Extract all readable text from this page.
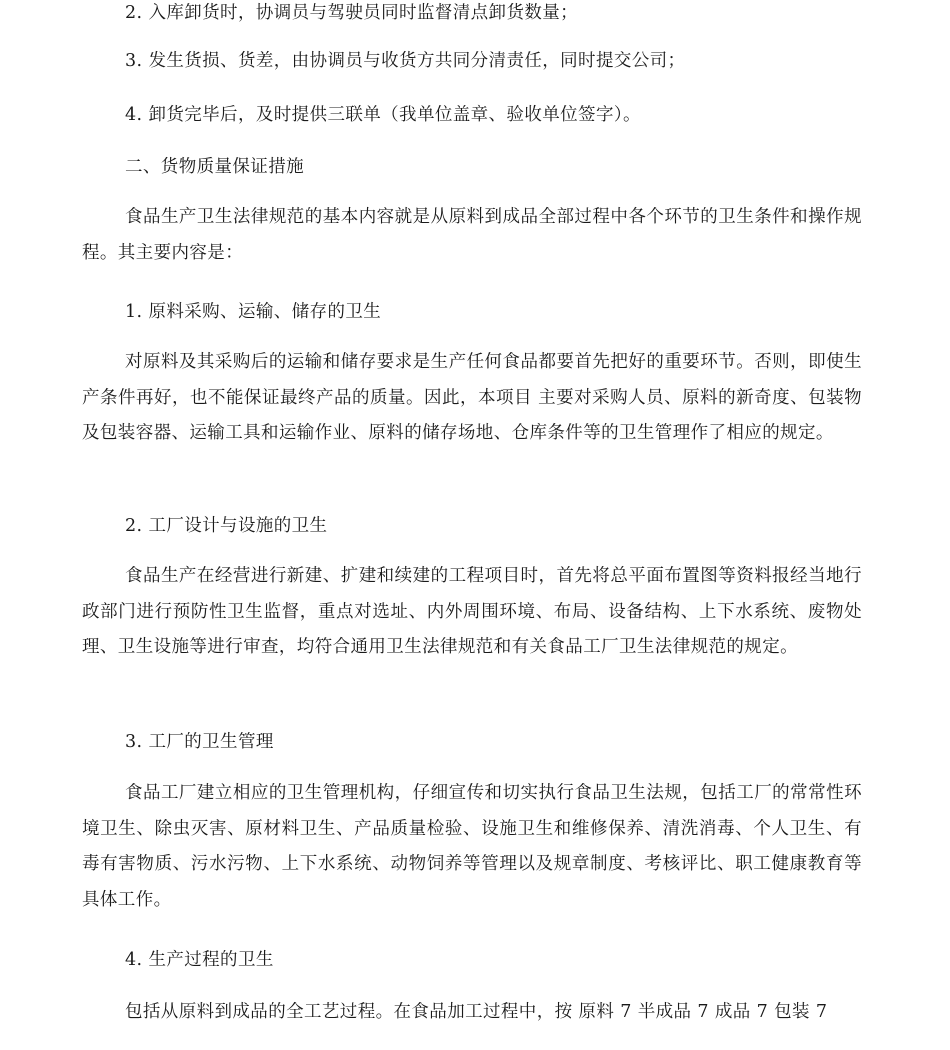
2. 入库卸货时，协调员与驾驶员同时监督清点卸货数量；
3. 发生货损、货差，由协调员与收货方共同分清责任，同时提交公司；
4. 卸货完毕后，及时提供三联单（我单位盖章、验收单位签字）。
二、货物质量保证措施
食品生产卫生法律规范的基本内容就是从原料到成品全部过程中各个环节的卫生条件和操作规程。其主要内容是：
1. 原料采购、运输、储存的卫生
对原料及其采购后的运输和储存要求是生产任何食品都要首先把好的重要环节。否则，即使生产条件再好，也不能保证最终产品的质量。因此，本项目 主要对采购人员、原料的新奇度、包装物及包装容器、运输工具和运输作业、原料的储存场地、仓库条件等的卫生管理作了相应的规定。
2. 工厂设计与设施的卫生
食品生产在经营进行新建、扩建和续建的工程项目时，首先将总平面布置图等资料报经当地行政部门进行预防性卫生监督，重点对选址、内外周围环境、布局、设备结构、上下水系统、废物处理、卫生设施等进行审查，均符合通用卫生法律规范和有关食品工厂卫生法律规范的规定。
3. 工厂的卫生管理
食品工厂建立相应的卫生管理机构，仔细宣传和切实执行食品卫生法规，包括工厂的常常性环境卫生、除虫灭害、原材料卫生、产品质量检验、设施卫生和维修保养、清洗消毒、个人卫生、有毒有害物质、污水污物、上下水系统、动物饲养等管理以及规章制度、考核评比、职工健康教育等具体工作。
4. 生产过程的卫生
包括从原料到成品的全工艺过程。在食品加工过程中，按 原料 7 半成品 7 成品 7 包装 7
